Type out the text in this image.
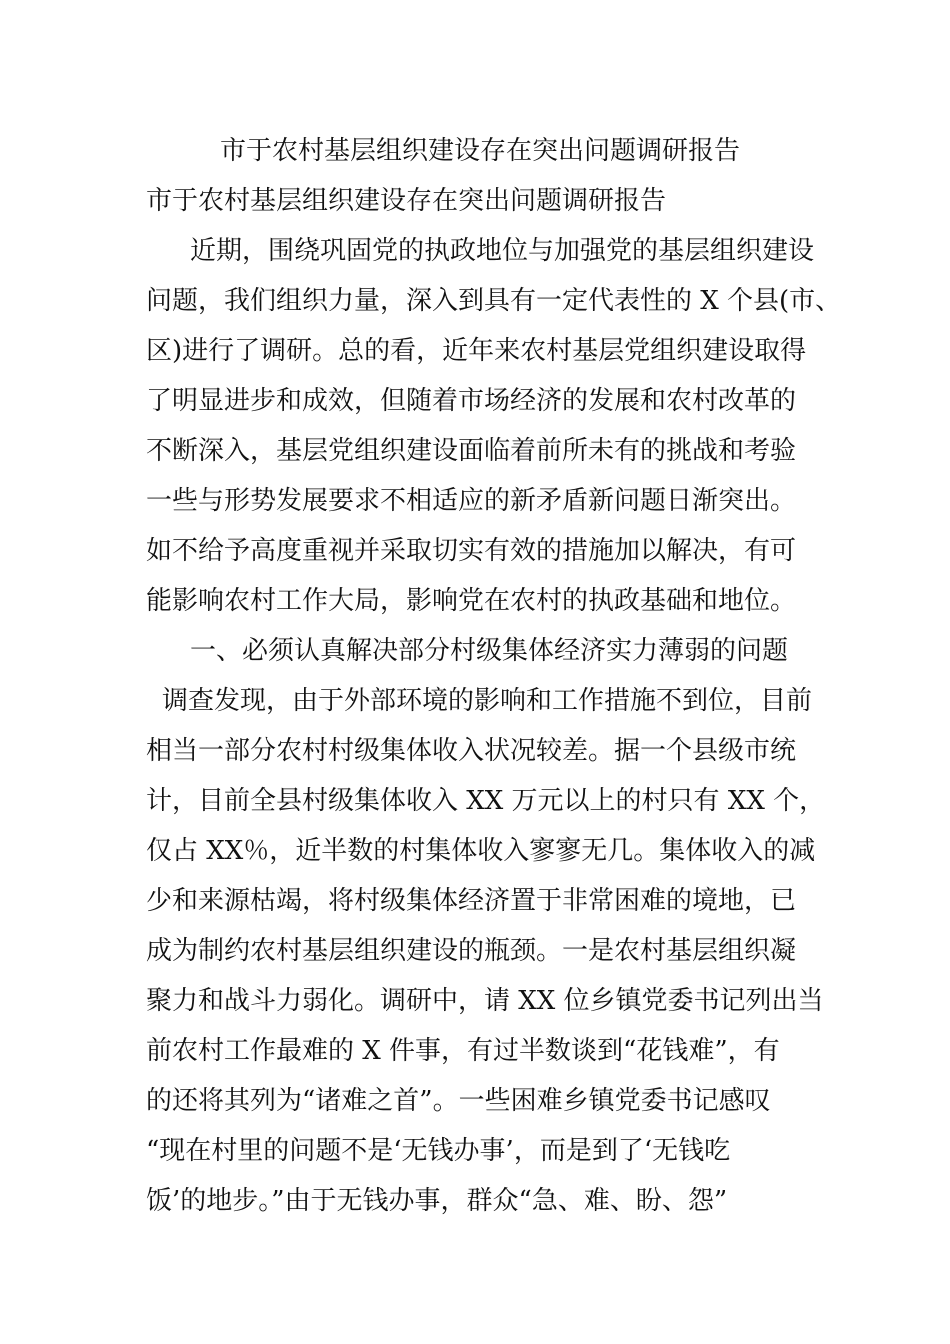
市于农村基层组织建设存在突出问题调研报告
市于农村基层组织建设存在突出问题调研报告
近期，围绕巩固党的执政地位与加强党的基层组织建设
问题，我们组织力量，深入到具有一定代表性的 X 个县(市、
区)进行了调研。总的看，近年来农村基层党组织建设取得
了明显进步和成效，但随着市场经济的发展和农村改革的
不断深入，基层党组织建设面临着前所未有的挑战和考验
一些与形势发展要求不相适应的新矛盾新问题日渐突出。
如不给予高度重视并采取切实有效的措施加以解决，有可
能影响农村工作大局，影响党在农村的执政基础和地位。
一、必须认真解决部分村级集体经济实力薄弱的问题
调查发现，由于外部环境的影响和工作措施不到位，目前
相当一部分农村村级集体收入状况较差。据一个县级市统
计，目前全县村级集体收入 XX 万元以上的村只有 XX 个，
仅占 XX％，近半数的村集体收入寥寥无几。集体收入的减
少和来源枯竭，将村级集体经济置于非常困难的境地，已
成为制约农村基层组织建设的瓶颈。一是农村基层组织凝
聚力和战斗力弱化。调研中，请 XX 位乡镇党委书记列出当
前农村工作最难的 X 件事，有过半数谈到“花钱难”，有
的还将其列为“诸难之首”。一些困难乡镇党委书记感叹
“现在村里的问题不是‘无钱办事’，而是到了‘无钱吃
饭’的地步。”由于无钱办事，群众“急、难、盼、怨”
